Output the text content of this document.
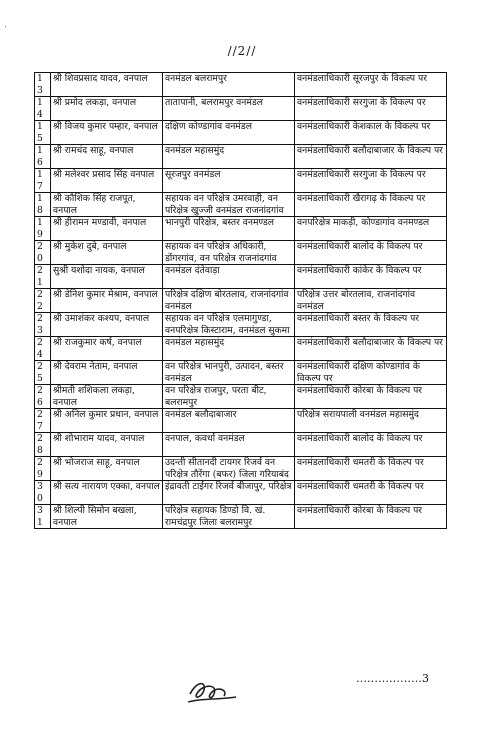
ॱ
//2//
13	श्री शिवप्रसाद यादव, वनपाल	वनमंडल बलरामपुर	वनमंडलाधिकारी सूरजपुर के विकल्प पर
14	श्री प्रमोद लकड़ा, वनपाल	तातापानी, बलरामपुर वनमंडल	वनमंडलाधिकारी सरगुजा के विकल्प पर
15	श्री विजय कुमार पम्हार, वनपाल	दक्षिण कोण्डागांव वनमंडल	वनमंडलाधिकारी केशकाल के विकल्प पर
16	श्री रामचंद साहू, वनपाल	वनमंडल महासमुंद	वनमंडलाधिकारी बलौदाबाजार के विकल्प पर
17	श्री मलेश्वर प्रसाद सिंह वनपाल	सूरजपुर वनमंडल	वनमंडलाधिकारी सरगुजा के विकल्प पर
18	श्री कौशिक सिंह राजपूत, वनपाल	सहायक वन परिक्षेत्र उमरवाही, वन परिक्षेत्र खुज्जी वनमंडल राजनांदगांव	वनमंडलाधिकारी खैरागढ़ के विकल्प पर
19	श्री हीरामन मण्डावी, वनपाल	भानपुरी परिक्षेत्र, बस्तर वनमण्डल	वनपरिक्षेत्र माकड़ी, कोण्डागांव वनमण्डल
20	श्री मुकेश दुबे, वनपाल	सहायक वन परिक्षेत्र अधिकारी, डोंगरगांव, वन परिक्षेत्र राजनांदगांव	वनमंडलाधिकारी बालोद के विकल्प पर
21	सुश्री यशोदा नायक, वनपाल	वनमंडल दंतेवाड़ा	वनमंडलाधिकारी कांकेर के विकल्प पर
22	श्री डेनिश कुमार मेश्राम, वनपाल	परिक्षेत्र दक्षिण बोरतलाव, राजनांदगांव वनमंडल	परिक्षेत्र उत्तर बोरतलाव, राजनांदगांव वनमंडल
23	श्री उमाशंकर कश्यप, वनपाल	सहायक वन परिक्षेत्र एलमागुण्डा, वनपरिक्षेत्र किस्टाराम, वनमंडल सुकमा	वनमंडलाधिकारी बस्तर के विकल्प पर
24	श्री राजकुमार कर्ष, वनपाल	वनमंडल महासमुंद	वनमंडलाधिकारी बलौदाबाजार के विकल्प पर
25	श्री देवराम नेताम, वनपाल	वन परिक्षेत्र भानपुरी, उत्पादन, बस्तर वनमंडल	वनमंडलाधिकारी दक्षिण कोण्डागांव के विकल्प पर
26	श्रीमती शशिकला लकड़ा, वनपाल	वन परिक्षेत्र राजपुर, परता बीट, बलरामपुर	वनमंडलाधिकारी कोरबा के विकल्प पर
27	श्री अनिल कुमार प्रधान, वनपाल	वनमंडल बलौदाबाजार	परिक्षेत्र सरायपाली वनमंडल महासमुंद
28	श्री शोभाराम यादव, वनपाल	वनपाल, कवर्धा वनमंडल	वनमंडलाधिकारी बालोद के विकल्प पर
29	श्री भोजराज साहू, वनपाल	उदन्ती सीतानदी टायगर रिजर्व वन परिक्षेत्र तौरेंगा (बफर) जिला गरियाबंद	वनमंडलाधिकारी धमतरी के विकल्प पर
30	श्री सत्य नारायण एक्का, वनपाल	इंद्रावती टाईगर रिजर्व बीजापुर, परिक्षेत्र	वनमंडलाधिकारी धमतरी के विकल्प पर
31	श्री शिल्पी सिमोन बखला, वनपाल	परिक्षेत्र सहायक डिण्डो वि. खं. रामचंद्रपुर जिला बलरामपुर	वनमंडलाधिकारी कोरबा के विकल्प पर
………………3
